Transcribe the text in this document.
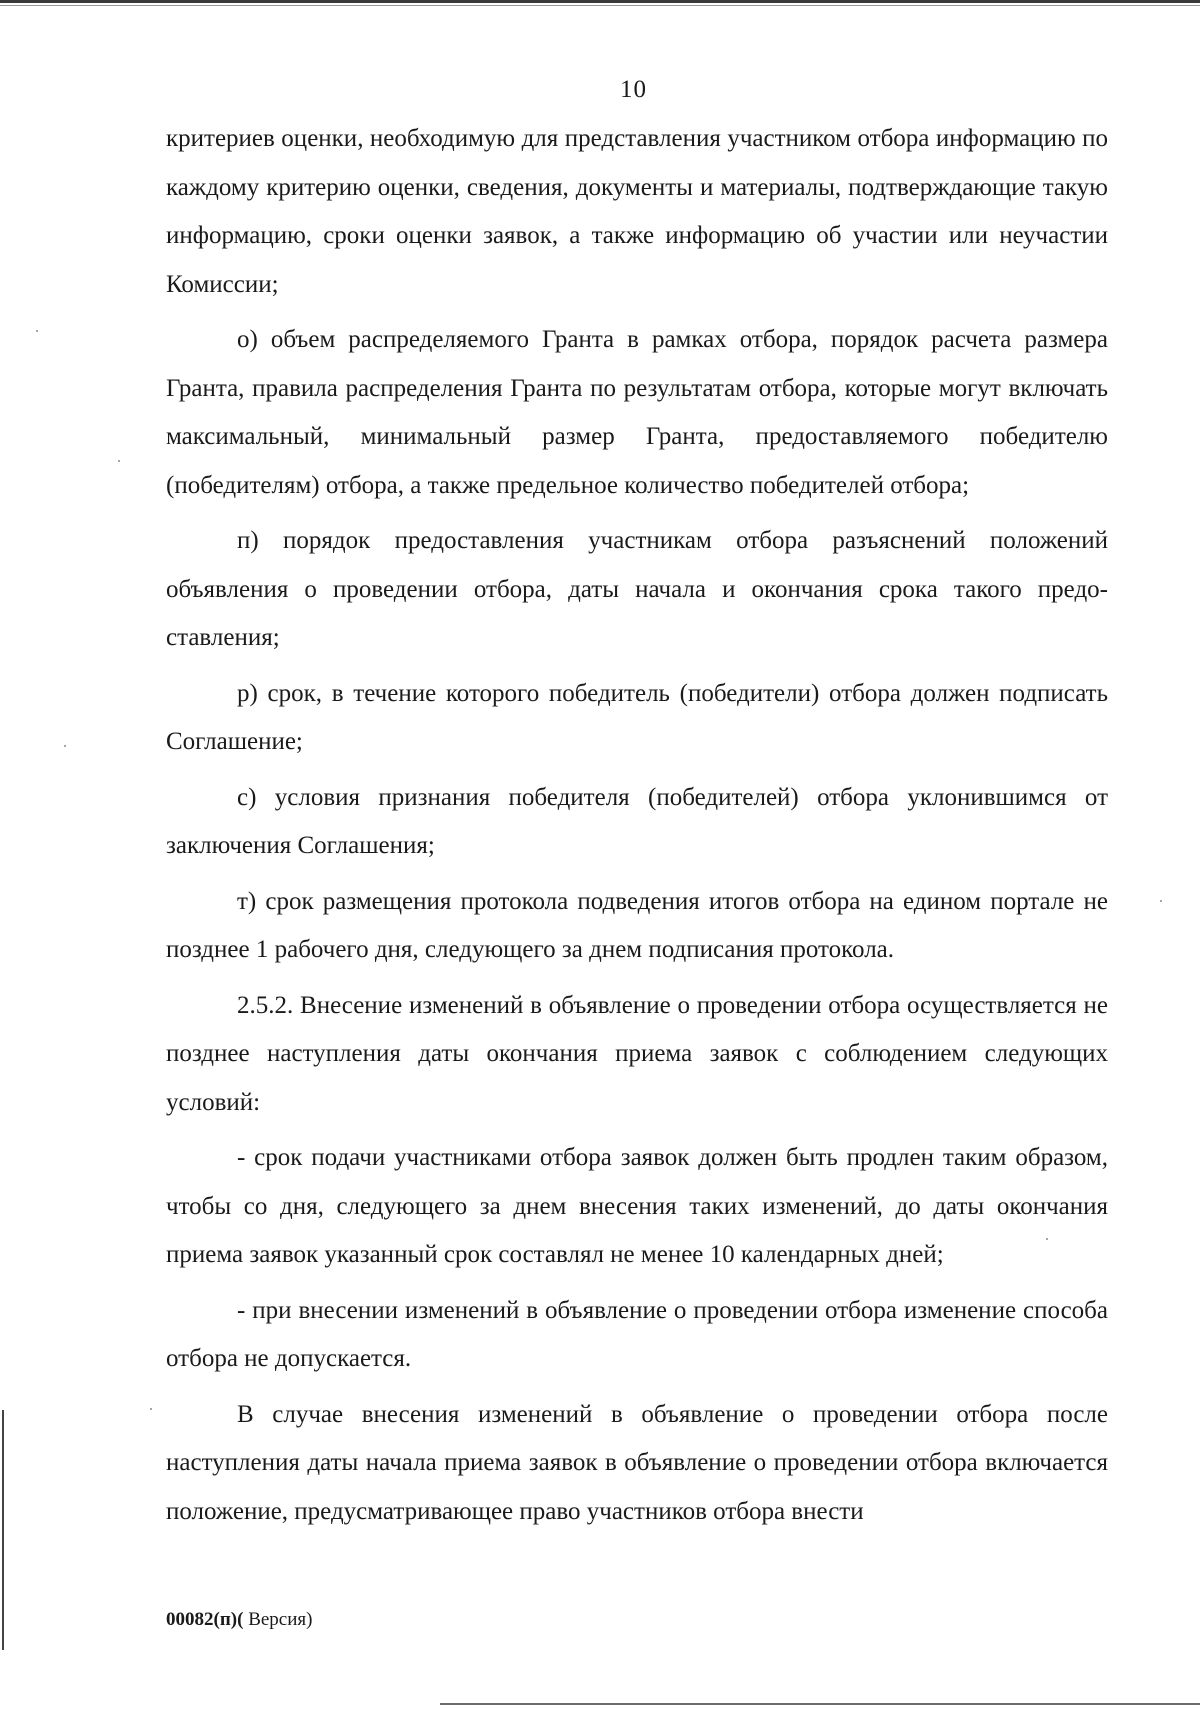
10

критериев оценки, необходимую для представления участником отбора информацию по каждому критерию оценки, сведения, документы и материалы, подтверждающие такую информацию, сроки оценки заявок, а также информацию об участии или неучастии Комиссии;

о) объем распределяемого Гранта в рамках отбора, порядок расчета размера Гранта, правила распределения Гранта по результатам отбора, которые могут включать максимальный, минимальный размер Гранта, предоставляемого победителю (победителям) отбора, а также предельное количество победителей отбора;

п) порядок предоставления участникам отбора разъяснений положений объявления о проведении отбора, даты начала и окончания срока такого предоставления;

р) срок, в течение которого победитель (победители) отбора должен подписать Соглашение;

с) условия признания победителя (победителей) отбора уклонившимся от заключения Соглашения;

т) срок размещения протокола подведения итогов отбора на едином портале не позднее 1 рабочего дня, следующего за днем подписания протокола.

2.5.2. Внесение изменений в объявление о проведении отбора осуществляется не позднее наступления даты окончания приема заявок с соблюдением следующих условий:

- срок подачи участниками отбора заявок должен быть продлен таким образом, чтобы со дня, следующего за днем внесения таких изменений, до даты окончания приема заявок указанный срок составлял не менее 10 календарных дней;

- при внесении изменений в объявление о проведении отбора изменение способа отбора не допускается.

В случае внесения изменений в объявление о проведении отбора после наступления даты начала приема заявок в объявление о проведении отбора включается положение, предусматривающее право участников отбора внести

00082(п)( Версия)
